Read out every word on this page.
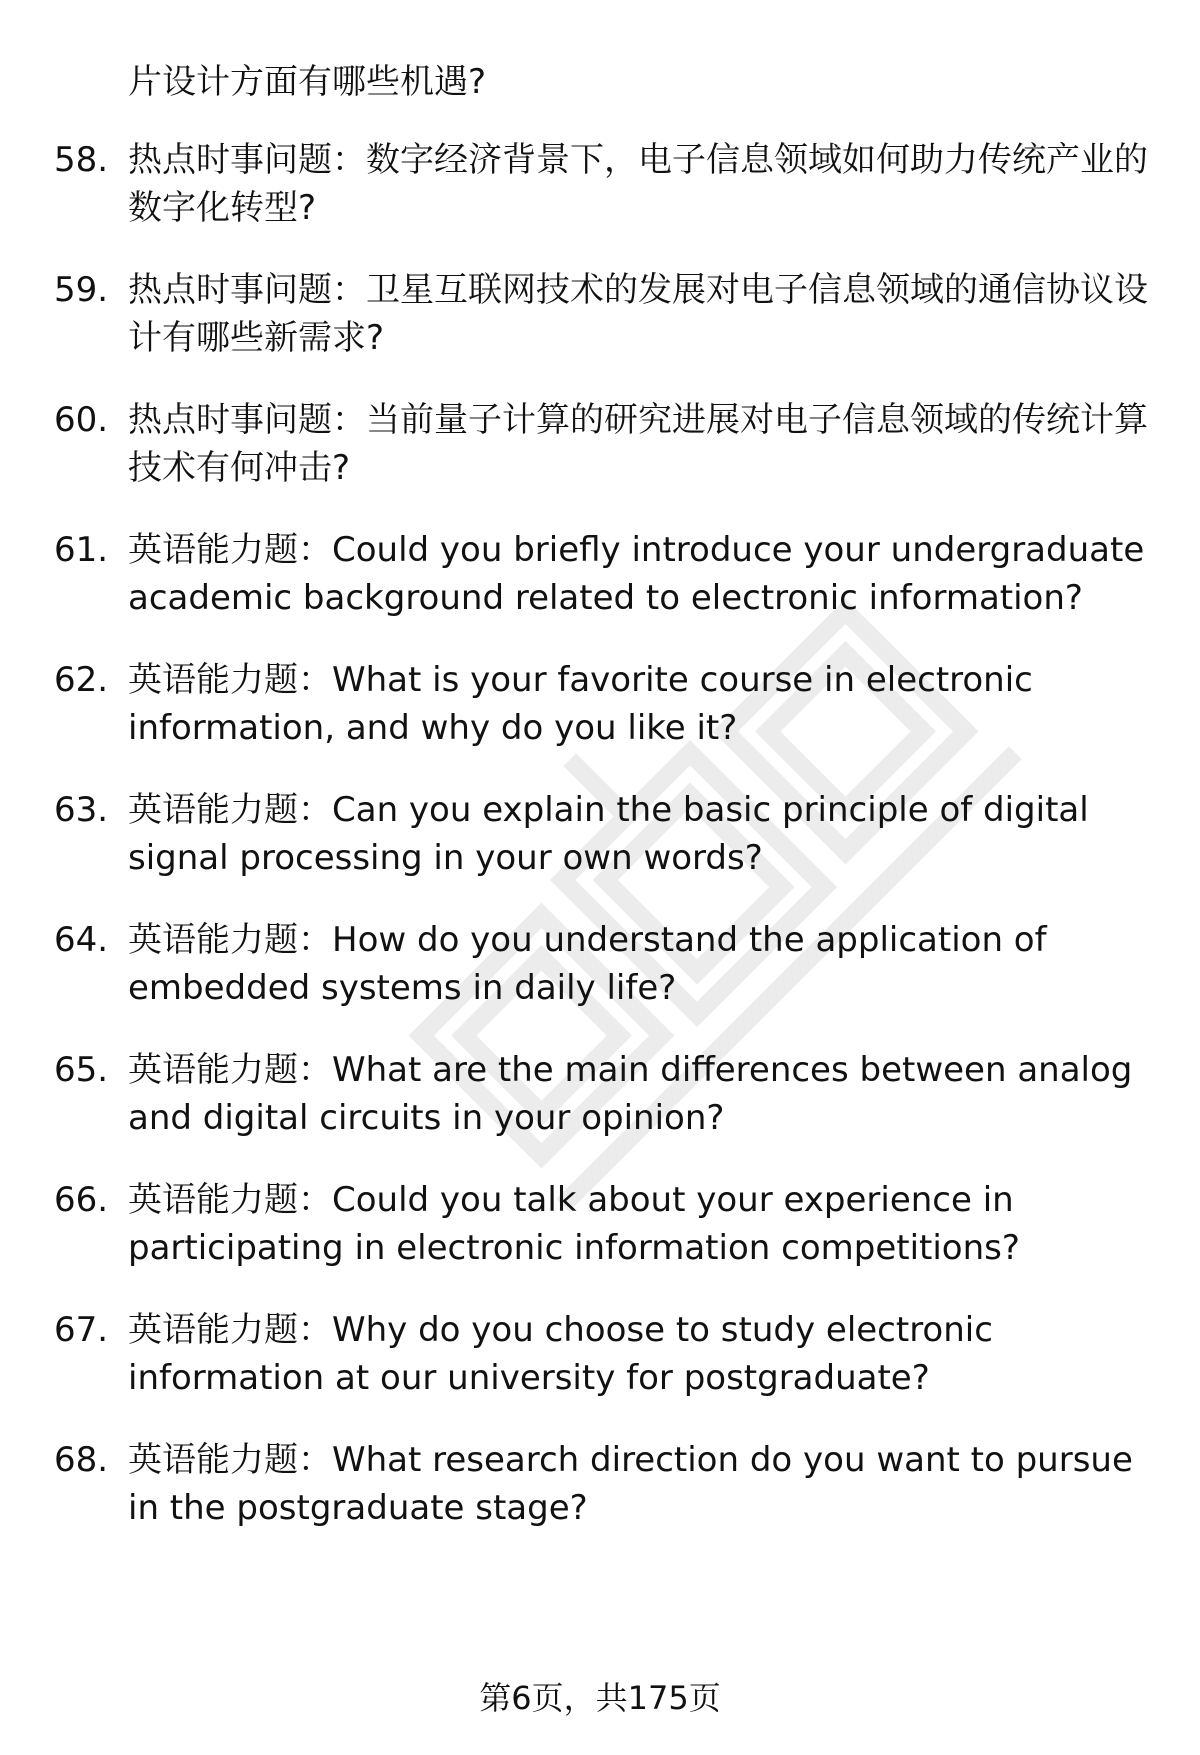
片设计方面有哪些机遇?
58. 热点时事问题：数字经济背景下，电子信息领域如何助力传统产业的数字化转型?
59. 热点时事问题：卫星互联网技术的发展对电子信息领域的通信协议设计有哪些新需求?
60. 热点时事问题：当前量子计算的研究进展对电子信息领域的传统计算技术有何冲击?
61. 英语能力题：Could you briefly introduce your undergraduate academic background related to electronic information?
62. 英语能力题：What is your favorite course in electronic information, and why do you like it?
63. 英语能力题：Can you explain the basic principle of digital signal processing in your own words?
64. 英语能力题：How do you understand the application of embedded systems in daily life?
65. 英语能力题：What are the main differences between analog and digital circuits in your opinion?
66. 英语能力题：Could you talk about your experience in participating in electronic information competitions?
67. 英语能力题：Why do you choose to study electronic information at our university for postgraduate?
68. 英语能力题：What research direction do you want to pursue in the postgraduate stage?
第6页，共175页
